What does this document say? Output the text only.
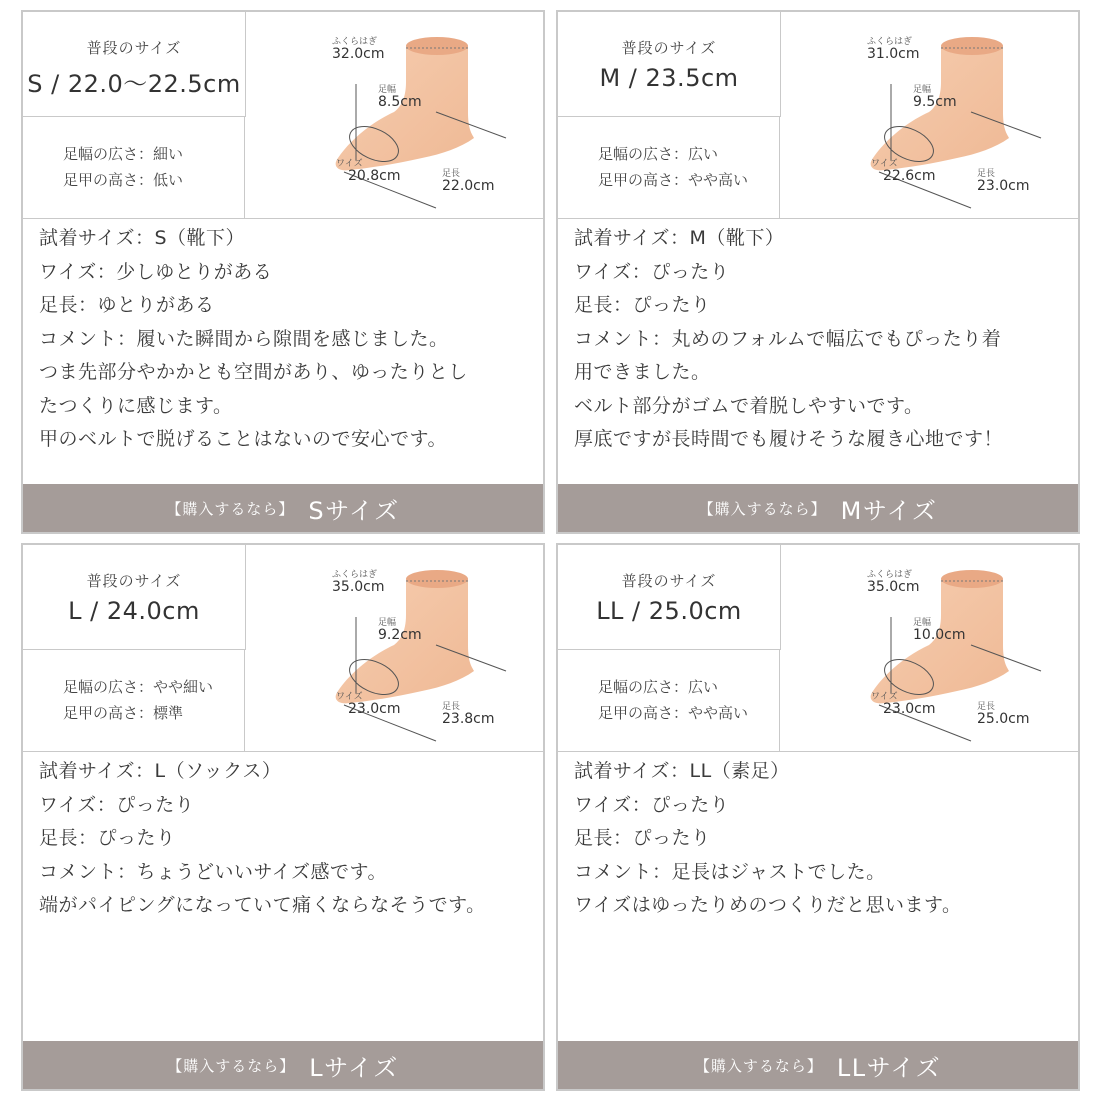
普段のサイズ
S / 22.0〜22.5cm
足幅の広さ：細い
足甲の高さ：低い
ふくらはぎ
32.0cm
足幅
8.5cm
ワイズ
20.8cm	足長
22.0cm
試着サイズ：S（靴下）
ワイズ：少しゆとりがある
足長：ゆとりがある
コメント：履いた瞬間から隙間を感じました。
つま先部分やかかとも空間があり、ゆったりとし
たつくりに感じます。
甲のベルトで脱げることはないので安心です。
【購入するなら】 Sサイズ
普段のサイズ
M / 23.5cm
足幅の広さ：広い
足甲の高さ：やや高い
ふくらはぎ
31.0cm
足幅
9.5cm
ワイズ
22.6cm	足長
23.0cm
試着サイズ：M（靴下）
ワイズ：ぴったり
足長：ぴったり
コメント：丸めのフォルムで幅広でもぴったり着
用できました。
ベルト部分がゴムで着脱しやすいです。
厚底ですが長時間でも履けそうな履き心地です！
【購入するなら】 Mサイズ
普段のサイズ
L / 24.0cm
足幅の広さ：やや細い
足甲の高さ：標準
ふくらはぎ
35.0cm
足幅
9.2cm
ワイズ
23.0cm	足長
23.8cm
試着サイズ：L（ソックス）
ワイズ：ぴったり
足長：ぴったり
コメント：ちょうどいいサイズ感です。
端がパイピングになっていて痛くならなそうです。
【購入するなら】 Lサイズ
普段のサイズ
LL / 25.0cm
足幅の広さ：広い
足甲の高さ：やや高い
ふくらはぎ
35.0cm
足幅
10.0cm
ワイズ
23.0cm	足長
25.0cm
試着サイズ：LL（素足）
ワイズ：ぴったり
足長：ぴったり
コメント：足長はジャストでした。
ワイズはゆったりめのつくりだと思います。
【購入するなら】 LLサイズ
